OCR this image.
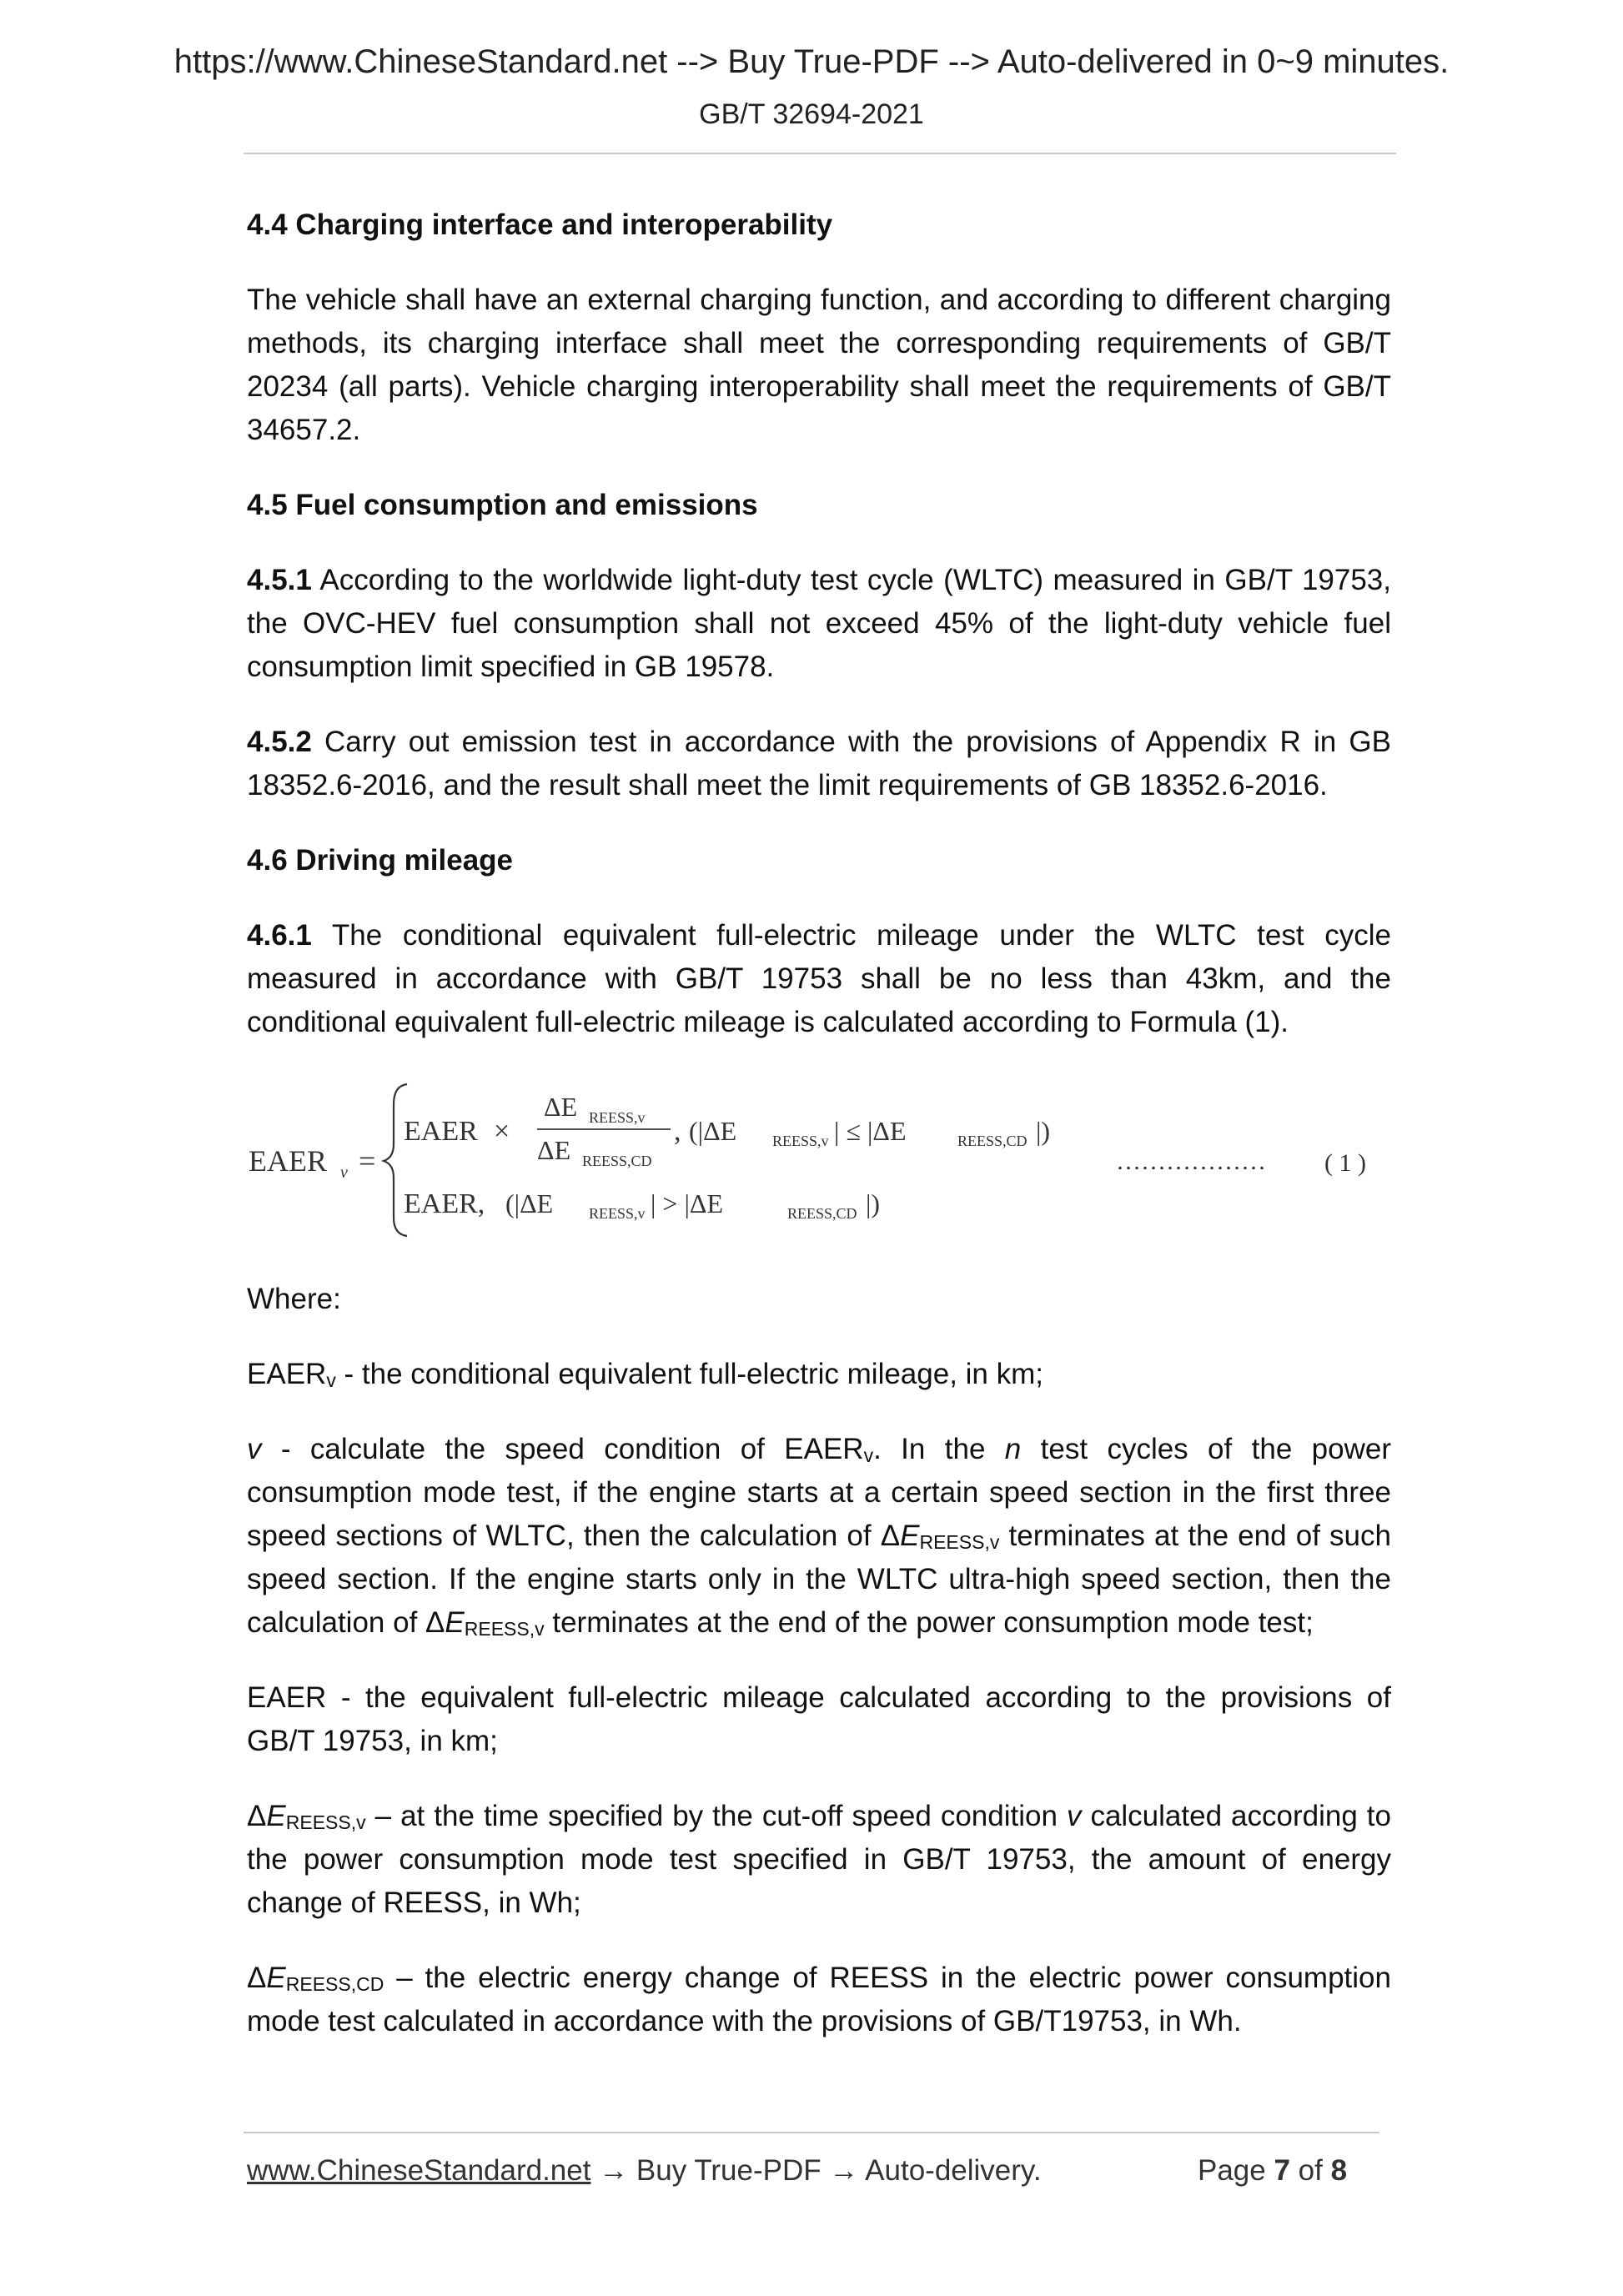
https://www.ChineseStandard.net --> Buy True-PDF --> Auto-delivered in 0~9 minutes.
GB/T 32694-2021
4.4 Charging interface and interoperability

The vehicle shall have an external charging function, and according to different charging methods, its charging interface shall meet the corresponding requirements of GB/T 20234 (all parts). Vehicle charging interoperability shall meet the requirements of GB/T 34657.2.

4.5 Fuel consumption and emissions

4.5.1 According to the worldwide light-duty test cycle (WLTC) measured in GB/T 19753, the OVC-HEV fuel consumption shall not exceed 45% of the light-duty vehicle fuel consumption limit specified in GB 19578.

4.5.2 Carry out emission test in accordance with the provisions of Appendix R in GB 18352.6-2016, and the result shall meet the limit requirements of GB 18352.6-2016.

4.6 Driving mileage

4.6.1 The conditional equivalent full-electric mileage under the WLTC test cycle measured in accordance with GB/T 19753 shall be no less than 43km, and the conditional equivalent full-electric mileage is calculated according to Formula (1).

EAER v =
EAER ×
ΔE REESS,v
ΔE REESS,CD
, (|ΔE REESS,v | ≤ |ΔE	REESS,CD |)
EAER, (|ΔE REESS,v | > |ΔE	REESS,CD |)
……………… ( 1 )

Where:

$EAER_v$ - the conditional equivalent full-electric mileage, in km;

v - calculate the speed condition of $EAER_v$. In the n test cycles of the power consumption mode test, if the engine starts at a certain speed section in the first three speed sections of WLTC, then the calculation of $\Delta E_{REESS,v}$ terminates at the end of such speed section. If the engine starts only in the WLTC ultra-high speed section, then the calculation of $\Delta E_{REESS,v}$ terminates at the end of the power consumption mode test;

EAER - the equivalent full-electric mileage calculated according to the provisions of GB/T 19753, in km;

$\Delta E_{REESS,v}$ – at the time specified by the cut-off speed condition v calculated according to the power consumption mode test specified in GB/T 19753, the amount of energy change of REESS, in Wh;

$\Delta E_{REESS,CD}$ – the electric energy change of REESS in the electric power consumption mode test calculated in accordance with the provisions of GB/T19753, in Wh.

www.ChineseStandard.net → Buy True-PDF → Auto-delivery.	Page 7 of 8
